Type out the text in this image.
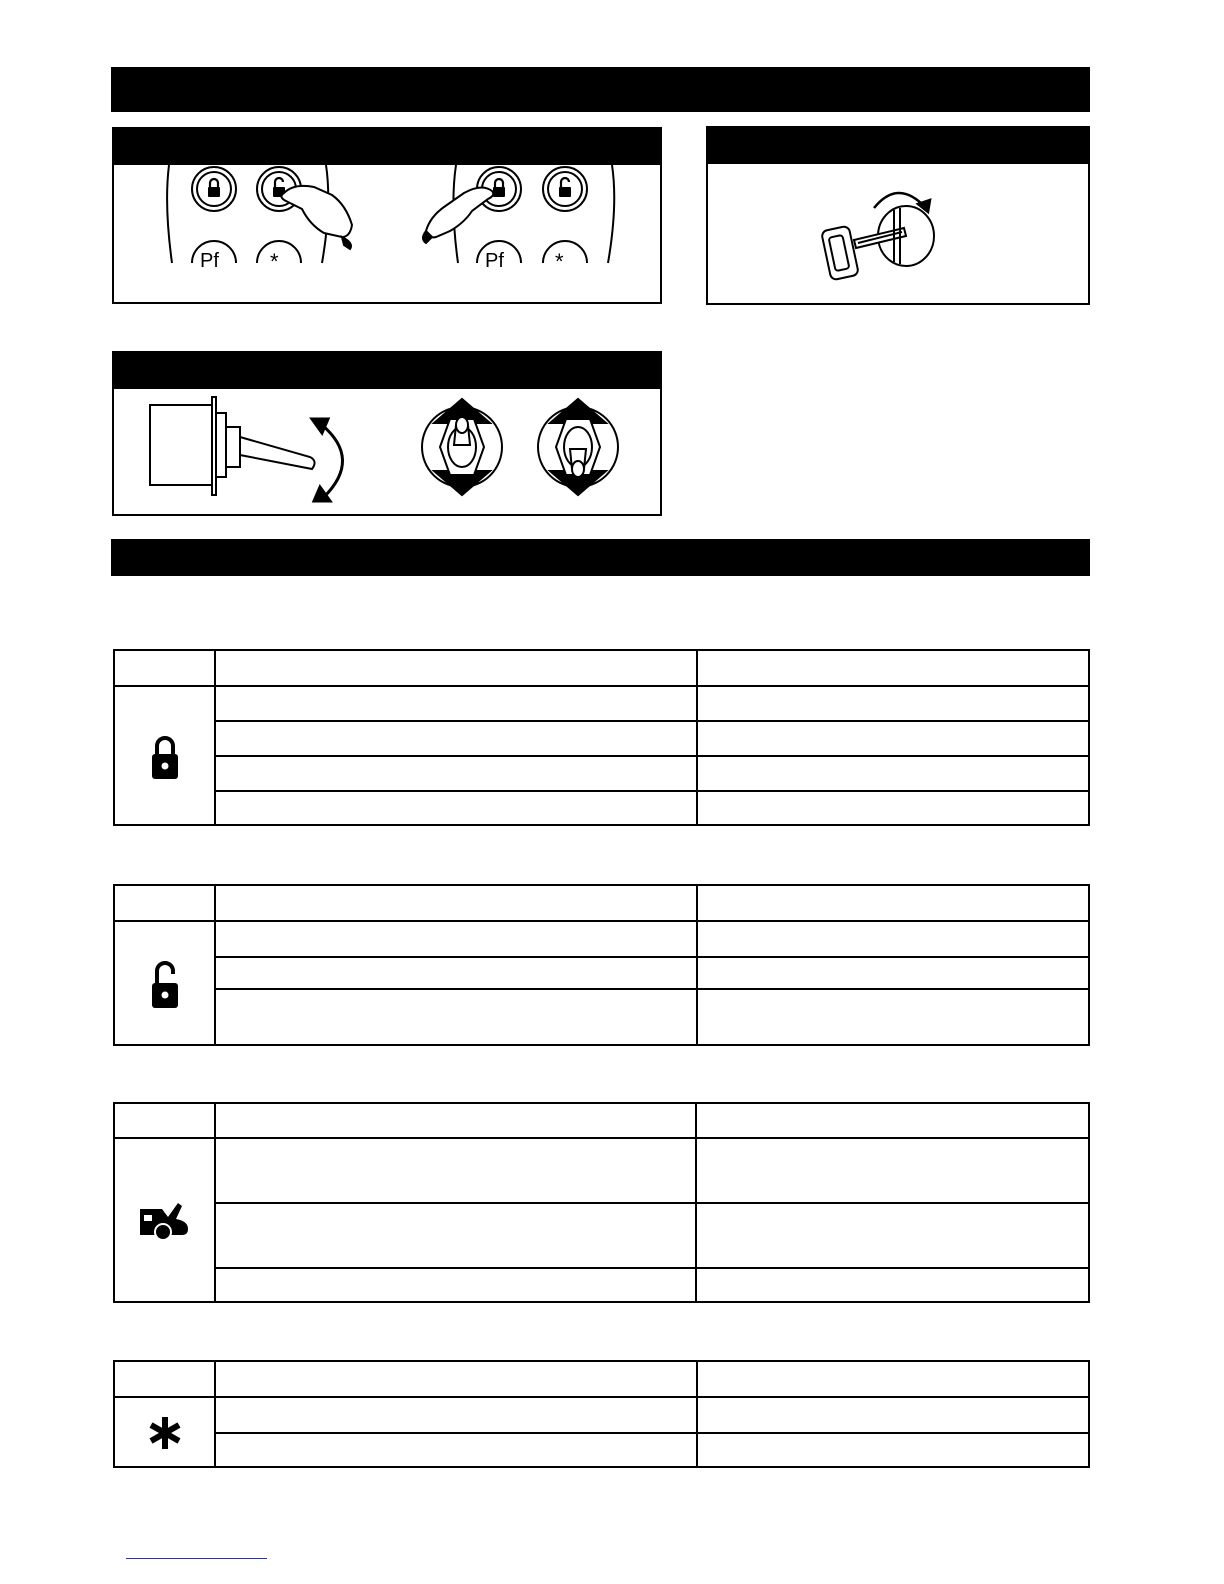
Pf *	Pf *
